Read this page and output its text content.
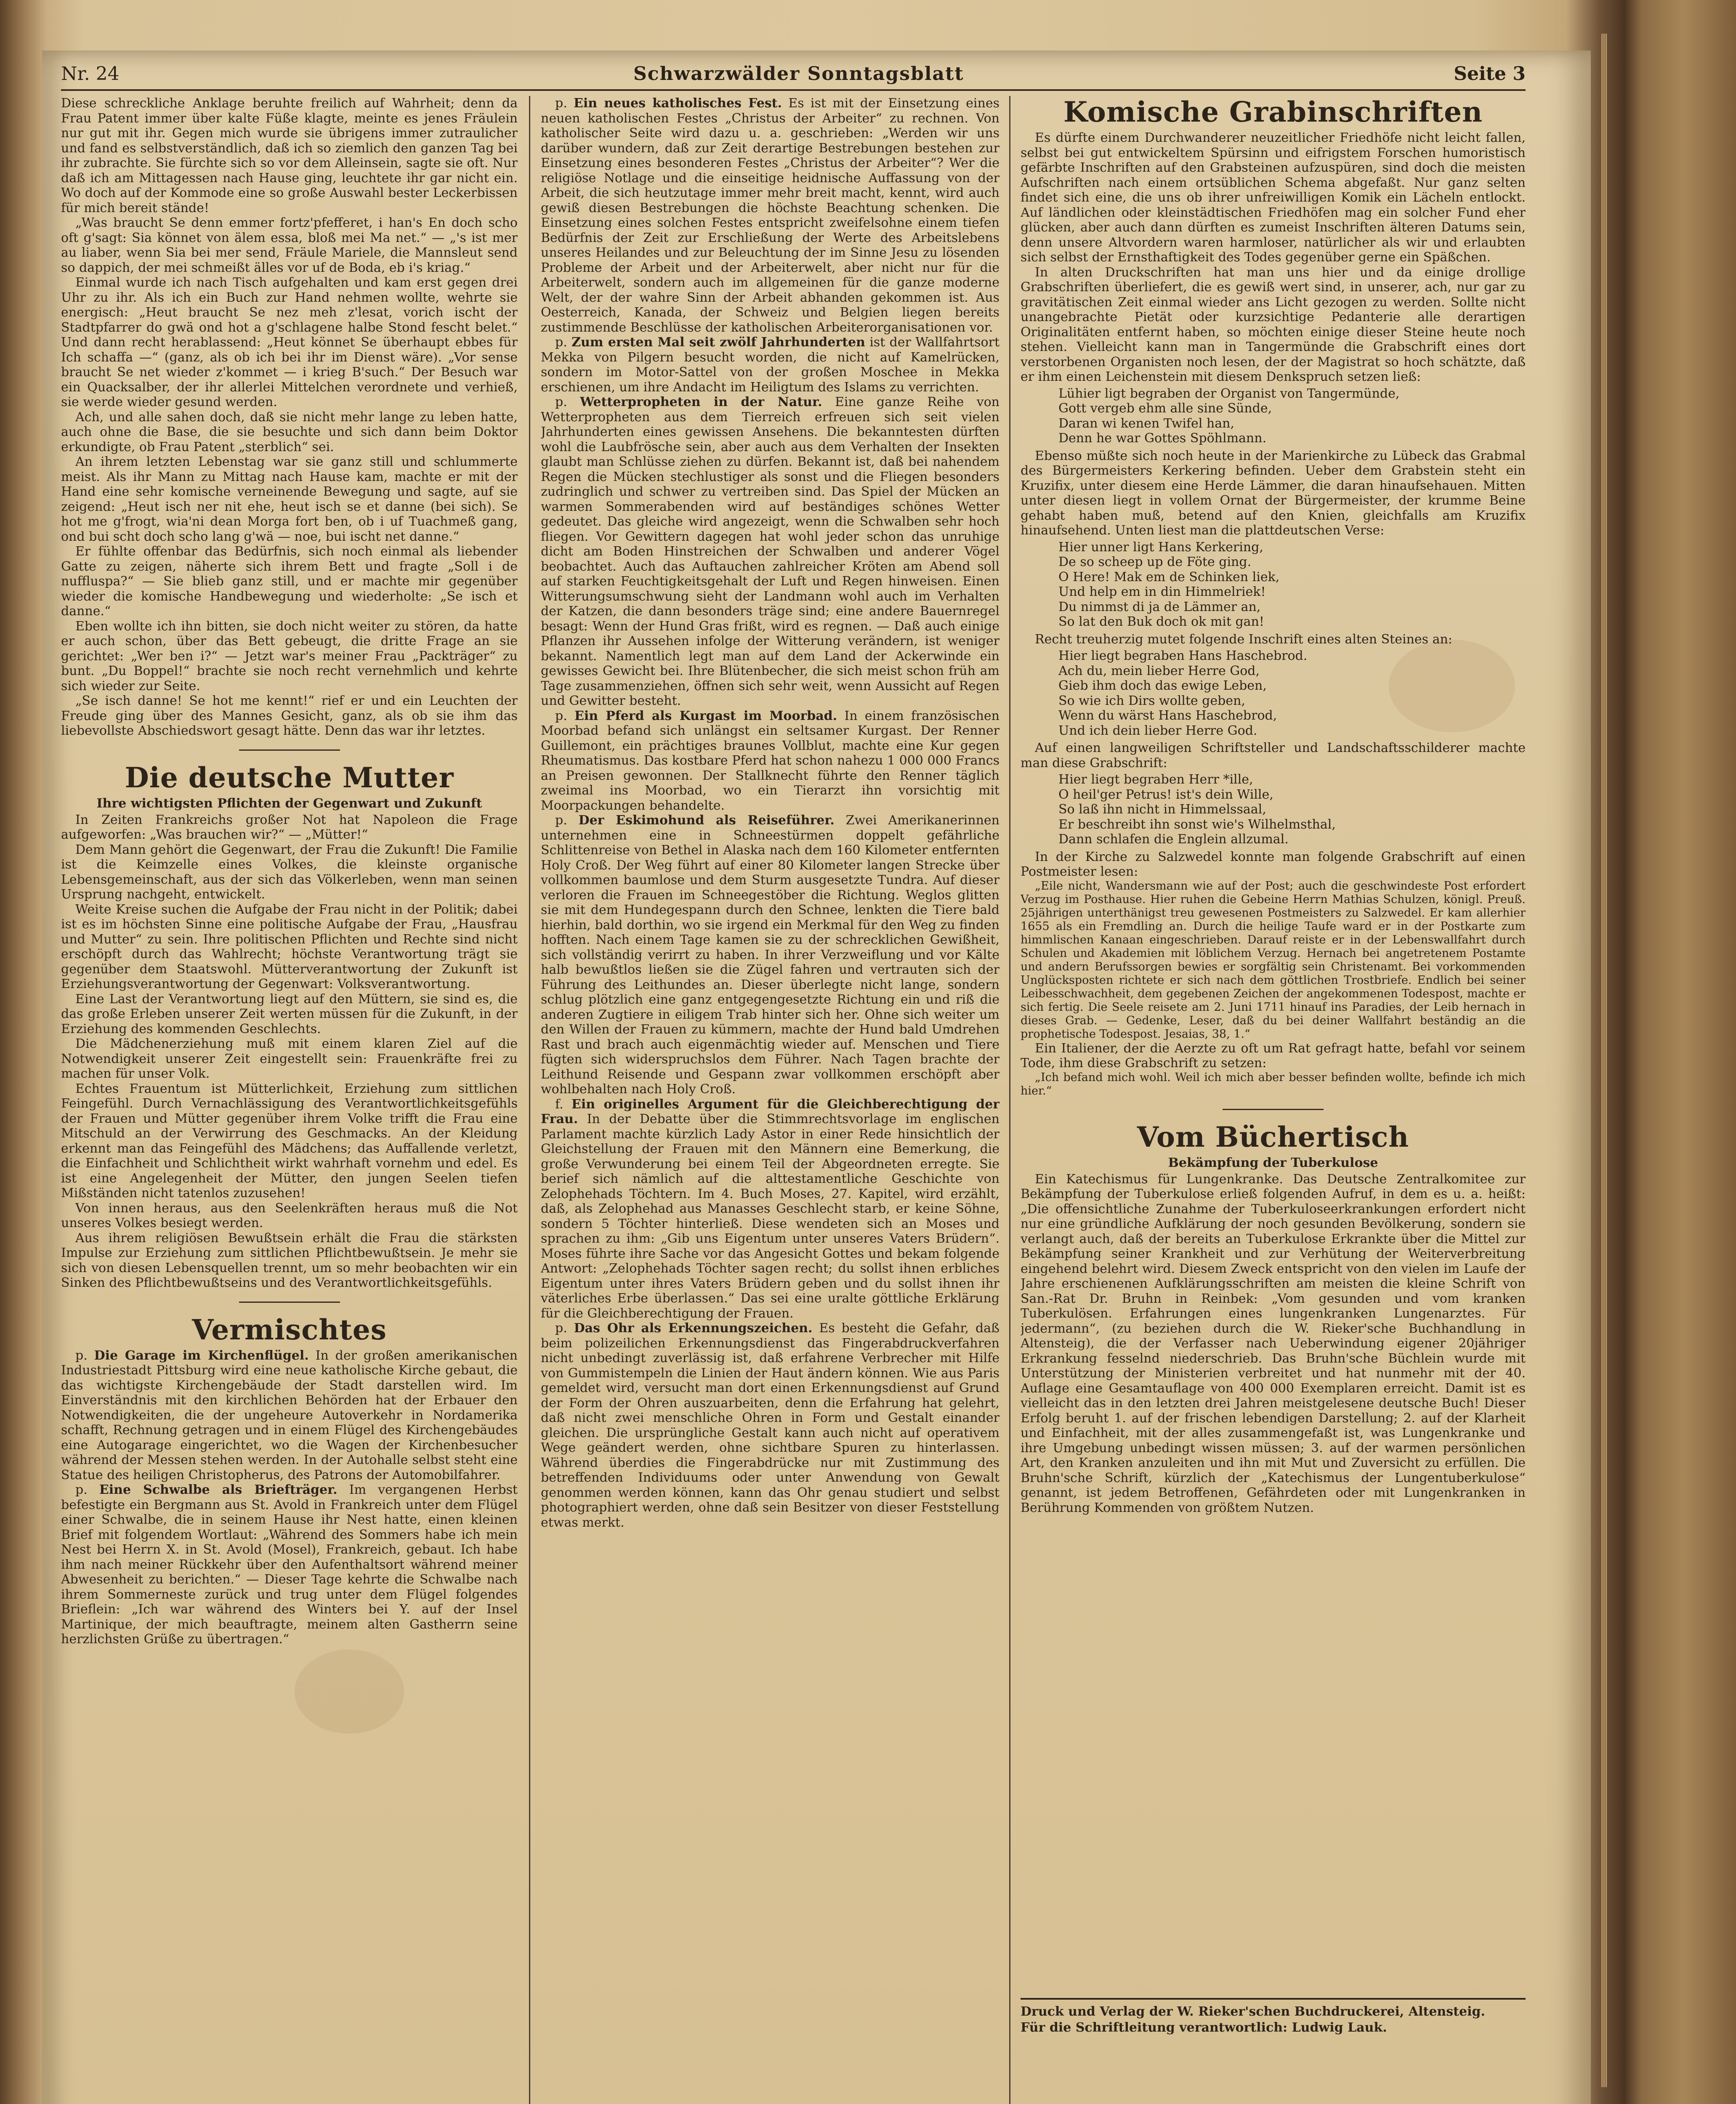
Nr. 24	Schwarzwälder Sonntagsblatt	Seite 3

Diese schreckliche Anklage beruhte freilich auf Wahrheit; denn da Frau Patent immer über kalte Füße klagte, meinte es jenes Fräulein nur gut mit ihr. Gegen mich wurde sie übrigens immer zutraulicher und fand es selbstverständlich, daß ich so ziemlich den ganzen Tag bei ihr zubrachte. Sie fürchte sich so vor dem Alleinsein, sagte sie oft. Nur daß ich am Mittagessen nach Hause ging, leuchtete ihr gar nicht ein. Wo doch auf der Kommode eine so große Auswahl bester Leckerbissen für mich bereit stände!

„Was braucht Se denn emmer fortz'pfefferet, i han's En doch scho oft g'sagt: Sia könnet von älem essa, bloß mei Ma net.“ — „'s ist mer au liaber, wenn Sia bei mer send, Fräule Mariele, die Mannsleut send so dappich, der mei schmeißt älles vor uf de Boda, eb i's kriag.“

Einmal wurde ich nach Tisch aufgehalten und kam erst gegen drei Uhr zu ihr. Als ich ein Buch zur Hand nehmen wollte, wehrte sie energisch: „Heut braucht Se nez meh z'lesat, vorich ischt der Stadtpfarrer do gwä ond hot a g'schlagene halbe Stond fescht belet.“ Und dann recht herablassend: „Heut könnet Se überhaupt ebbes für Ich schaffa —“ (ganz, als ob ich bei ihr im Dienst wäre). „Vor sense braucht Se net wieder z'kommet — i krieg B'such.“ Der Besuch war ein Quacksalber, der ihr allerlei Mittelchen verordnete und verhieß, sie werde wieder gesund werden.

Ach, und alle sahen doch, daß sie nicht mehr lange zu leben hatte, auch ohne die Base, die sie besuchte und sich dann beim Doktor erkundigte, ob Frau Patent „sterblich“ sei.

An ihrem letzten Lebenstag war sie ganz still und schlummerte meist. Als ihr Mann zu Mittag nach Hause kam, machte er mit der Hand eine sehr komische verneinende Bewegung und sagte, auf sie zeigend: „Heut isch ner nit ehe, heut isch se et danne (bei sich). Se hot me g'frogt, wia'ni dean Morga fort ben, ob i uf Tuachmeß gang, ond bui scht doch scho lang g'wä — noe, bui ischt net danne.“

Er fühlte offenbar das Bedürfnis, sich noch einmal als liebender Gatte zu zeigen, näherte sich ihrem Bett und fragte „Soll i de nuffluspa?“ — Sie blieb ganz still, und er machte mir gegenüber wieder die komische Handbewegung und wiederholte: „Se isch et danne.“

Eben wollte ich ihn bitten, sie doch nicht weiter zu stören, da hatte er auch schon, über das Bett gebeugt, die dritte Frage an sie gerichtet: „Wer ben i?“ — Jetzt war's meiner Frau „Packträger“ zu bunt. „Du Boppel!“ brachte sie noch recht vernehmlich und kehrte sich wieder zur Seite.

„Se isch danne! Se hot me kennt!“ rief er und ein Leuchten der Freude ging über des Mannes Gesicht, ganz, als ob sie ihm das liebevollste Abschiedswort gesagt hätte. Denn das war ihr letztes.

Die deutsche Mutter
Ihre wichtigsten Pflichten der Gegenwart und Zukunft

In Zeiten Frankreichs großer Not hat Napoleon die Frage aufgeworfen: „Was brauchen wir?“ — „Mütter!“

Dem Mann gehört die Gegenwart, der Frau die Zukunft! Die Familie ist die Keimzelle eines Volkes, die kleinste organische Lebensgemeinschaft, aus der sich das Völkerleben, wenn man seinen Ursprung nachgeht, entwickelt.

Weite Kreise suchen die Aufgabe der Frau nicht in der Politik; dabei ist es im höchsten Sinne eine politische Aufgabe der Frau, „Hausfrau und Mutter“ zu sein. Ihre politischen Pflichten und Rechte sind nicht erschöpft durch das Wahlrecht; höchste Verantwortung trägt sie gegenüber dem Staatswohl. Mütterverantwortung der Zukunft ist Erziehungsverantwortung der Gegenwart: Volksverantwortung.

Eine Last der Verantwortung liegt auf den Müttern, sie sind es, die das große Erleben unserer Zeit werten müssen für die Zukunft, in der Erziehung des kommenden Geschlechts.

Die Mädchenerziehung muß mit einem klaren Ziel auf die Notwendigkeit unserer Zeit eingestellt sein: Frauenkräfte frei zu machen für unser Volk.

Echtes Frauentum ist Mütterlichkeit, Erziehung zum sittlichen Feingefühl. Durch Vernachlässigung des Verantwortlichkeitsgefühls der Frauen und Mütter gegenüber ihrem Volke trifft die Frau eine Mitschuld an der Verwirrung des Geschmacks. An der Kleidung erkennt man das Feingefühl des Mädchens; das Auffallende verletzt, die Einfachheit und Schlichtheit wirkt wahrhaft vornehm und edel. Es ist eine Angelegenheit der Mütter, den jungen Seelen tiefen Mißständen nicht tatenlos zuzusehen!

Von innen heraus, aus den Seelenkräften heraus muß die Not unseres Volkes besiegt werden.

Aus ihrem religiösen Bewußtsein erhält die Frau die stärksten Impulse zur Erziehung zum sittlichen Pflichtbewußtsein. Je mehr sie sich von diesen Lebensquellen trennt, um so mehr beobachten wir ein Sinken des Pflichtbewußtseins und des Verantwortlichkeitsgefühls.

Vermischtes

p. Die Garage im Kirchenflügel. In der großen amerikanischen Industriestadt Pittsburg wird eine neue katholische Kirche gebaut, die das wichtigste Kirchengebäude der Stadt darstellen wird. Im Einverständnis mit den kirchlichen Behörden hat der Erbauer den Notwendigkeiten, die der ungeheure Autoverkehr in Nordamerika schafft, Rechnung getragen und in einem Flügel des Kirchengebäudes eine Autogarage eingerichtet, wo die Wagen der Kirchenbesucher während der Messen stehen werden. In der Autohalle selbst steht eine Statue des heiligen Christopherus, des Patrons der Automobilfahrer.

p. Eine Schwalbe als Briefträger. Im vergangenen Herbst befestigte ein Bergmann aus St. Avold in Frankreich unter dem Flügel einer Schwalbe, die in seinem Hause ihr Nest hatte, einen kleinen Brief mit folgendem Wortlaut: „Während des Sommers habe ich mein Nest bei Herrn X. in St. Avold (Mosel), Frankreich, gebaut. Ich habe ihm nach meiner Rückkehr über den Aufenthaltsort während meiner Abwesenheit zu berichten.“ — Dieser Tage kehrte die Schwalbe nach ihrem Sommerneste zurück und trug unter dem Flügel folgendes Brieflein: „Ich war während des Winters bei Y. auf der Insel Martinique, der mich beauftragte, meinem alten Gastherrn seine herzlichsten Grüße zu übertragen.“

p. Ein neues katholisches Fest. Es ist mit der Einsetzung eines neuen katholischen Festes „Christus der Arbeiter“ zu rechnen. Von katholischer Seite wird dazu u. a. geschrieben: „Werden wir uns darüber wundern, daß zur Zeit derartige Bestrebungen bestehen zur Einsetzung eines besonderen Festes „Christus der Arbeiter“? Wer die religiöse Notlage und die einseitige heidnische Auffassung von der Arbeit, die sich heutzutage immer mehr breit macht, kennt, wird auch gewiß diesen Bestrebungen die höchste Beachtung schenken. Die Einsetzung eines solchen Festes entspricht zweifelsohne einem tiefen Bedürfnis der Zeit zur Erschließung der Werte des Arbeitslebens unseres Heilandes und zur Beleuchtung der im Sinne Jesu zu lösenden Probleme der Arbeit und der Arbeiterwelt, aber nicht nur für die Arbeiterwelt, sondern auch im allgemeinen für die ganze moderne Welt, der der wahre Sinn der Arbeit abhanden gekommen ist. Aus Oesterreich, Kanada, der Schweiz und Belgien liegen bereits zustimmende Beschlüsse der katholischen Arbeiterorganisationen vor.

p. Zum ersten Mal seit zwölf Jahrhunderten ist der Wallfahrtsort Mekka von Pilgern besucht worden, die nicht auf Kamelrücken, sondern im Motor-Sattel von der großen Moschee in Mekka erschienen, um ihre Andacht im Heiligtum des Islams zu verrichten.

p. Wetterpropheten in der Natur. Eine ganze Reihe von Wetterpropheten aus dem Tierreich erfreuen sich seit vielen Jahrhunderten eines gewissen Ansehens. Die bekanntesten dürften wohl die Laubfrösche sein, aber auch aus dem Verhalten der Insekten glaubt man Schlüsse ziehen zu dürfen. Bekannt ist, daß bei nahendem Regen die Mücken stechlustiger als sonst und die Fliegen besonders zudringlich und schwer zu vertreiben sind. Das Spiel der Mücken an warmen Sommerabenden wird auf beständiges schönes Wetter gedeutet. Das gleiche wird angezeigt, wenn die Schwalben sehr hoch fliegen. Vor Gewittern dagegen hat wohl jeder schon das unruhige dicht am Boden Hinstreichen der Schwalben und anderer Vögel beobachtet. Auch das Auftauchen zahlreicher Kröten am Abend soll auf starken Feuchtigkeitsgehalt der Luft und Regen hinweisen. Einen Witterungsumschwung sieht der Landmann wohl auch im Verhalten der Katzen, die dann besonders träge sind; eine andere Bauernregel besagt: Wenn der Hund Gras frißt, wird es regnen. — Daß auch einige Pflanzen ihr Aussehen infolge der Witterung verändern, ist weniger bekannt. Namentlich legt man auf dem Land der Ackerwinde ein gewisses Gewicht bei. Ihre Blütenbecher, die sich meist schon früh am Tage zusammenziehen, öffnen sich sehr weit, wenn Aussicht auf Regen und Gewitter besteht.

p. Ein Pferd als Kurgast im Moorbad. In einem französischen Moorbad befand sich unlängst ein seltsamer Kurgast. Der Renner Guillemont, ein prächtiges braunes Vollblut, machte eine Kur gegen Rheumatismus. Das kostbare Pferd hat schon nahezu 1 000 000 Francs an Preisen gewonnen. Der Stallknecht führte den Renner täglich zweimal ins Moorbad, wo ein Tierarzt ihn vorsichtig mit Moorpackungen behandelte.

p. Der Eskimohund als Reiseführer. Zwei Amerikanerinnen unternehmen eine in Schneestürmen doppelt gefährliche Schlittenreise von Bethel in Alaska nach dem 160 Kilometer entfernten Holy Croß. Der Weg führt auf einer 80 Kilometer langen Strecke über vollkommen baumlose und dem Sturm ausgesetzte Tundra. Auf dieser verloren die Frauen im Schneegestöber die Richtung. Weglos glitten sie mit dem Hundegespann durch den Schnee, lenkten die Tiere bald hierhin, bald dorthin, wo sie irgend ein Merkmal für den Weg zu finden hofften. Nach einem Tage kamen sie zu der schrecklichen Gewißheit, sich vollständig verirrt zu haben. In ihrer Verzweiflung und vor Kälte halb bewußtlos ließen sie die Zügel fahren und vertrauten sich der Führung des Leithundes an. Dieser überlegte nicht lange, sondern schlug plötzlich eine ganz entgegengesetzte Richtung ein und riß die anderen Zugtiere in eiligem Trab hinter sich her. Ohne sich weiter um den Willen der Frauen zu kümmern, machte der Hund bald Umdrehen Rast und brach auch eigenmächtig wieder auf. Menschen und Tiere fügten sich widerspruchslos dem Führer. Nach Tagen brachte der Leithund Reisende und Gespann zwar vollkommen erschöpft aber wohlbehalten nach Holy Croß.

f. Ein originelles Argument für die Gleichberechtigung der Frau. In der Debatte über die Stimmrechtsvorlage im englischen Parlament machte kürzlich Lady Astor in einer Rede hinsichtlich der Gleichstellung der Frauen mit den Männern eine Bemerkung, die große Verwunderung bei einem Teil der Abgeordneten erregte. Sie berief sich nämlich auf die alttestamentliche Geschichte von Zelophehads Töchtern. Im 4. Buch Moses, 27. Kapitel, wird erzählt, daß, als Zelophehad aus Manasses Geschlecht starb, er keine Söhne, sondern 5 Töchter hinterließ. Diese wendeten sich an Moses und sprachen zu ihm: „Gib uns Eigentum unter unseres Vaters Brüdern“. Moses führte ihre Sache vor das Angesicht Gottes und bekam folgende Antwort: „Zelophehads Töchter sagen recht; du sollst ihnen erbliches Eigentum unter ihres Vaters Brüdern geben und du sollst ihnen ihr väterliches Erbe überlassen.“ Das sei eine uralte göttliche Erklärung für die Gleichberechtigung der Frauen.

p. Das Ohr als Erkennungszeichen. Es besteht die Gefahr, daß beim polizeilichen Erkennungsdienst das Fingerabdruckverfahren nicht unbedingt zuverlässig ist, daß erfahrene Verbrecher mit Hilfe von Gummistempeln die Linien der Haut ändern können. Wie aus Paris gemeldet wird, versucht man dort einen Erkennungsdienst auf Grund der Form der Ohren auszuarbeiten, denn die Erfahrung hat gelehrt, daß nicht zwei menschliche Ohren in Form und Gestalt einander gleichen. Die ursprüngliche Gestalt kann auch nicht auf operativem Wege geändert werden, ohne sichtbare Spuren zu hinterlassen. Während überdies die Fingerabdrücke nur mit Zustimmung des betreffenden Individuums oder unter Anwendung von Gewalt genommen werden können, kann das Ohr genau studiert und selbst photographiert werden, ohne daß sein Besitzer von dieser Feststellung etwas merkt.

Komische Grabinschriften

Es dürfte einem Durchwanderer neuzeitlicher Friedhöfe nicht leicht fallen, selbst bei gut entwickeltem Spürsinn und eifrigstem Forschen humoristisch gefärbte Inschriften auf den Grabsteinen aufzuspüren, sind doch die meisten Aufschriften nach einem ortsüblichen Schema abgefaßt. Nur ganz selten findet sich eine, die uns ob ihrer unfreiwilligen Komik ein Lächeln entlockt. Auf ländlichen oder kleinstädtischen Friedhöfen mag ein solcher Fund eher glücken, aber auch dann dürften es zumeist Inschriften älteren Datums sein, denn unsere Altvordern waren harmloser, natürlicher als wir und erlaubten sich selbst der Ernsthaftigkeit des Todes gegenüber gerne ein Späßchen.

In alten Druckschriften hat man uns hier und da einige drollige Grabschriften überliefert, die es gewiß wert sind, in unserer, ach, nur gar zu gravitätischen Zeit einmal wieder ans Licht gezogen zu werden. Sollte nicht unangebrachte Pietät oder kurzsichtige Pedanterie alle derartigen Originalitäten entfernt haben, so möchten einige dieser Steine heute noch stehen. Vielleicht kann man in Tangermünde die Grabschrift eines dort verstorbenen Organisten noch lesen, der der Magistrat so hoch schätzte, daß er ihm einen Leichenstein mit diesem Denkspruch setzen ließ:

Lühier ligt begraben der Organist von Tangermünde,
Gott vergeb ehm alle sine Sünde,
Daran wi kenen Twifel han,
Denn he war Gottes Spöhlmann.

Ebenso müßte sich noch heute in der Marienkirche zu Lübeck das Grabmal des Bürgermeisters Kerkering befinden. Ueber dem Grabstein steht ein Kruzifix, unter diesem eine Herde Lämmer, die daran hinaufsehauen. Mitten unter diesen liegt in vollem Ornat der Bürgermeister, der krumme Beine gehabt haben muß, betend auf den Knien, gleichfalls am Kruzifix hinaufsehend. Unten liest man die plattdeutschen Verse:

Hier unner ligt Hans Kerkering,
De so scheep up de Föte ging.
O Here! Mak em de Schinken liek,
Und help em in din Himmelriek!
Du nimmst di ja de Lämmer an,
So lat den Buk doch ok mit gan!

Recht treuherzig mutet folgende Inschrift eines alten Steines an:

Hier liegt begraben Hans Haschebrod.
Ach du, mein lieber Herre God,
Gieb ihm doch das ewige Leben,
So wie ich Dirs wollte geben,
Wenn du wärst Hans Haschebrod,
Und ich dein lieber Herre God.

Auf einen langweiligen Schriftsteller und Landschaftsschilderer machte man diese Grabschrift:

Hier liegt begraben Herr *ille,
O heil'ger Petrus! ist's dein Wille,
So laß ihn nicht in Himmelssaal,
Er beschreibt ihn sonst wie's Wilhelmsthal,
Dann schlafen die Englein allzumal.

In der Kirche zu Salzwedel konnte man folgende Grabschrift auf einen Postmeister lesen:

„Eile nicht, Wandersmann wie auf der Post; auch die geschwindeste Post erfordert Verzug im Posthause. Hier ruhen die Gebeine Herrn Mathias Schulzen, königl. Preuß. 25jährigen unterthänigst treu gewesenen Postmeisters zu Salzwedel. Er kam allerhier 1655 als ein Fremdling an. Durch die heilige Taufe ward er in der Postkarte zum himmlischen Kanaan eingeschrieben. Darauf reiste er in der Lebenswallfahrt durch Schulen und Akademien mit löblichem Verzug. Hernach bei angetretenem Postamte und andern Berufssorgen bewies er sorgfältig sein Christenamt. Bei vorkommenden Unglücksposten richtete er sich nach dem göttlichen Trostbriefe. Endlich bei seiner Leibesschwachheit, dem gegebenen Zeichen der angekommenen Todespost, machte er sich fertig. Die Seele reisete am 2. Juni 1711 hinauf ins Paradies, der Leib hernach in dieses Grab. — Gedenke, Leser, daß du bei deiner Wallfahrt beständig an die prophetische Todespost. Jesaias, 38, 1.“

Ein Italiener, der die Aerzte zu oft um Rat gefragt hatte, befahl vor seinem Tode, ihm diese Grabschrift zu setzen:

„Ich befand mich wohl. Weil ich mich aber besser befinden wollte, befinde ich mich hier.“

Vom Büchertisch
Bekämpfung der Tuberkulose

Ein Katechismus für Lungenkranke. Das Deutsche Zentralkomitee zur Bekämpfung der Tuberkulose erließ folgenden Aufruf, in dem es u. a. heißt: „Die offensichtliche Zunahme der Tuberkuloseerkrankungen erfordert nicht nur eine gründliche Aufklärung der noch gesunden Bevölkerung, sondern sie verlangt auch, daß der bereits an Tuberkulose Erkrankte über die Mittel zur Bekämpfung seiner Krankheit und zur Verhütung der Weiterverbreitung eingehend belehrt wird. Diesem Zweck entspricht von den vielen im Laufe der Jahre erschienenen Aufklärungsschriften am meisten die kleine Schrift von San.-Rat Dr. Bruhn in Reinbek: „Vom gesunden und vom kranken Tuberkulösen. Erfahrungen eines lungenkranken Lungenarztes. Für jedermann“, (zu beziehen durch die W. Rieker'sche Buchhandlung in Altensteig), die der Verfasser nach Ueberwindung eigener 20jähriger Erkrankung fesselnd niederschrieb. Das Bruhn'sche Büchlein wurde mit Unterstützung der Ministerien verbreitet und hat nunmehr mit der 40. Auflage eine Gesamtauflage von 400 000 Exemplaren erreicht. Damit ist es vielleicht das in den letzten drei Jahren meistgelesene deutsche Buch! Dieser Erfolg beruht 1. auf der frischen lebendigen Darstellung; 2. auf der Klarheit und Einfachheit, mit der alles zusammengefaßt ist, was Lungenkranke und ihre Umgebung unbedingt wissen müssen; 3. auf der warmen persönlichen Art, den Kranken anzuleiten und ihn mit Mut und Zuversicht zu erfüllen. Die Bruhn'sche Schrift, kürzlich der „Katechismus der Lungentuberkulose“ genannt, ist jedem Betroffenen, Gefährdeten oder mit Lungenkranken in Berührung Kommenden von größtem Nutzen.

Druck und Verlag der W. Rieker'schen Buchdruckerei, Altensteig.
Für die Schriftleitung verantwortlich: Ludwig Lauk.
